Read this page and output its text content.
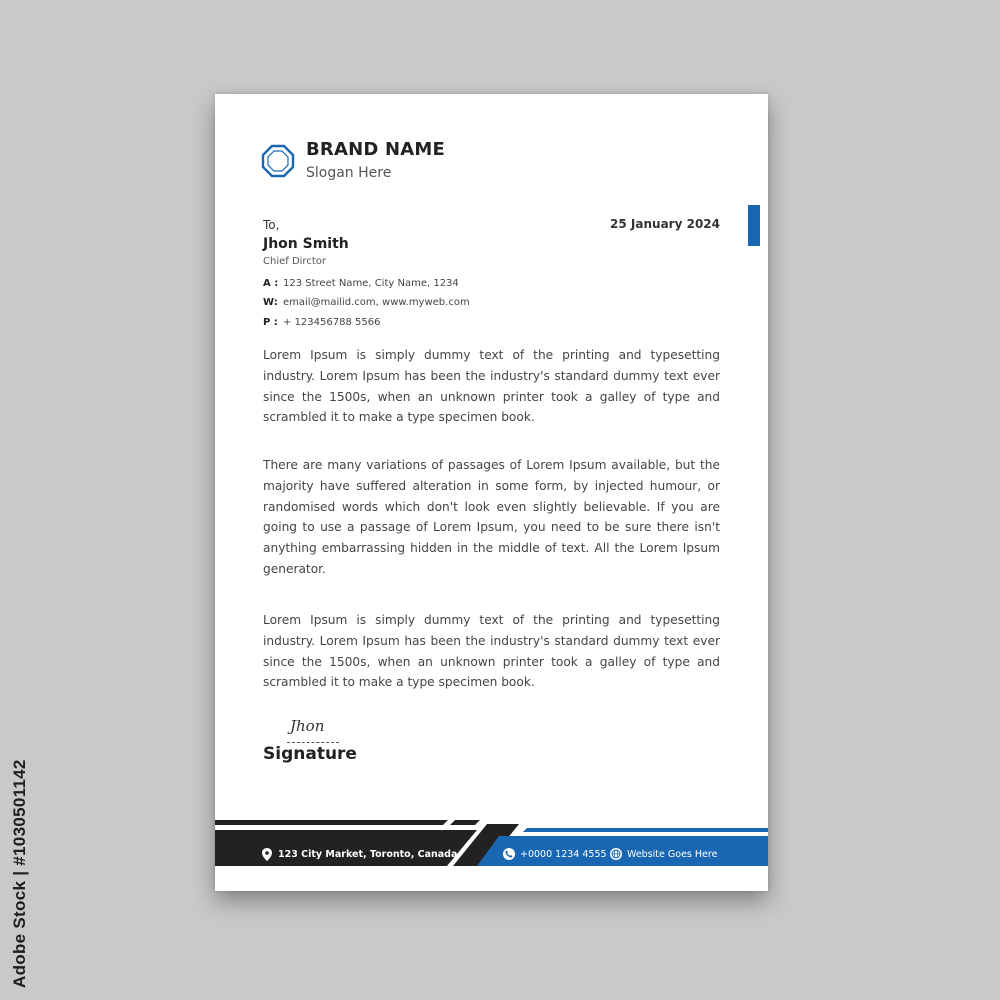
Adobe Stock | #1030501142
BRAND NAME
Slogan Here
To,	25 January 2024
Jhon Smith
Chief Dirctor
A : 123 Street Name, City Name, 1234
W: email@mailid.com, www.myweb.com
P : + 123456788 5566

Lorem Ipsum is simply dummy text of the printing and typesetting industry. Lorem Ipsum has been the industry's standard dummy text ever since the 1500s, when an unknown printer took a galley of type and scrambled it to make a type specimen book.

There are many variations of passages of Lorem Ipsum available, but the majority have suffered alteration in some form, by injected humour, or randomised words which don't look even slightly believable. If you are going to use a passage of Lorem Ipsum, you need to be sure there isn't anything embarrassing hidden in the middle of text. All the Lorem Ipsum generator.

Lorem Ipsum is simply dummy text of the printing and typesetting industry. Lorem Ipsum has been the industry's standard dummy text ever since the 1500s, when an unknown printer took a galley of type and scrambled it to make a type specimen book.

Jhon
Signature
123 City Market, Toronto, Canada	+0000 1234 4555 Website Goes Here
